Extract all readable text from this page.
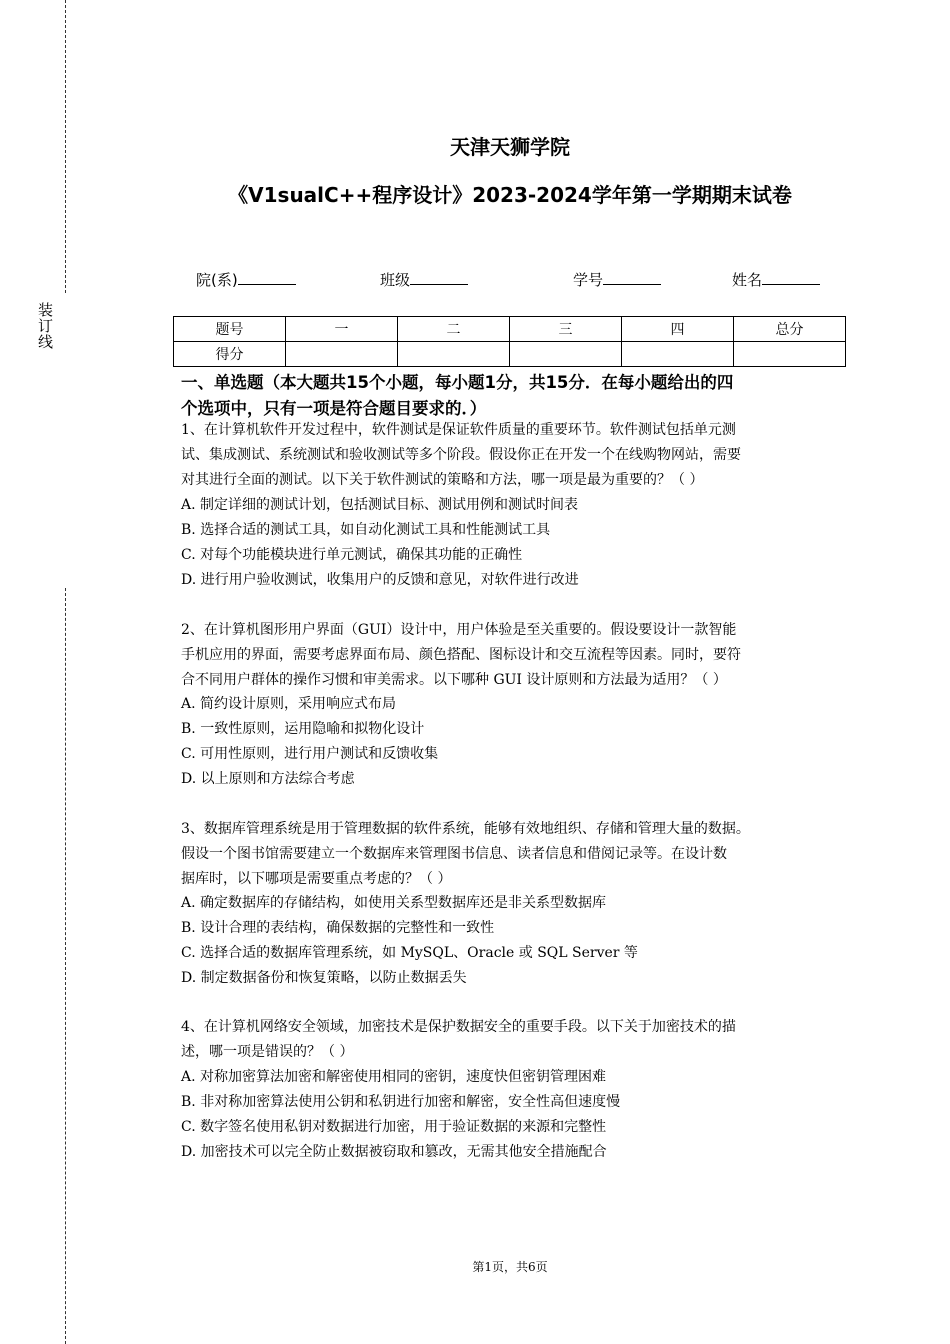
装订线
天津天狮学院
《V1sualC++程序设计》2023-2024学年第一学期期末试卷
院(系)	班级	学号	姓名
题号	一	二	三	四	总分
得分					
一、单选题（本大题共15个小题，每小题1分，共15分．在每小题给出的四
个选项中，只有一项是符合题目要求的．）
1、在计算机软件开发过程中，软件测试是保证软件质量的重要环节。软件测试包括单元测
试、集成测试、系统测试和验收测试等多个阶段。假设你正在开发一个在线购物网站，需要
对其进行全面的测试。以下关于软件测试的策略和方法，哪一项是最为重要的？（ ）
A. 制定详细的测试计划，包括测试目标、测试用例和测试时间表
B. 选择合适的测试工具，如自动化测试工具和性能测试工具
C. 对每个功能模块进行单元测试，确保其功能的正确性
D. 进行用户验收测试，收集用户的反馈和意见，对软件进行改进
2、在计算机图形用户界面（GUI）设计中，用户体验是至关重要的。假设要设计一款智能
手机应用的界面，需要考虑界面布局、颜色搭配、图标设计和交互流程等因素。同时，要符
合不同用户群体的操作习惯和审美需求。以下哪种 GUI 设计原则和方法最为适用？（ ）
A. 简约设计原则，采用响应式布局
B. 一致性原则，运用隐喻和拟物化设计
C. 可用性原则，进行用户测试和反馈收集
D. 以上原则和方法综合考虑
3、数据库管理系统是用于管理数据的软件系统，能够有效地组织、存储和管理大量的数据。
假设一个图书馆需要建立一个数据库来管理图书信息、读者信息和借阅记录等。在设计数
据库时，以下哪项是需要重点考虑的？（ ）
A. 确定数据库的存储结构，如使用关系型数据库还是非关系型数据库
B. 设计合理的表结构，确保数据的完整性和一致性
C. 选择合适的数据库管理系统，如 MySQL、Oracle 或 SQL Server 等
D. 制定数据备份和恢复策略，以防止数据丢失
4、在计算机网络安全领域，加密技术是保护数据安全的重要手段。以下关于加密技术的描
述，哪一项是错误的？（ ）
A. 对称加密算法加密和解密使用相同的密钥，速度快但密钥管理困难
B. 非对称加密算法使用公钥和私钥进行加密和解密，安全性高但速度慢
C. 数字签名使用私钥对数据进行加密，用于验证数据的来源和完整性
D. 加密技术可以完全防止数据被窃取和篡改，无需其他安全措施配合
第1页，共6页
